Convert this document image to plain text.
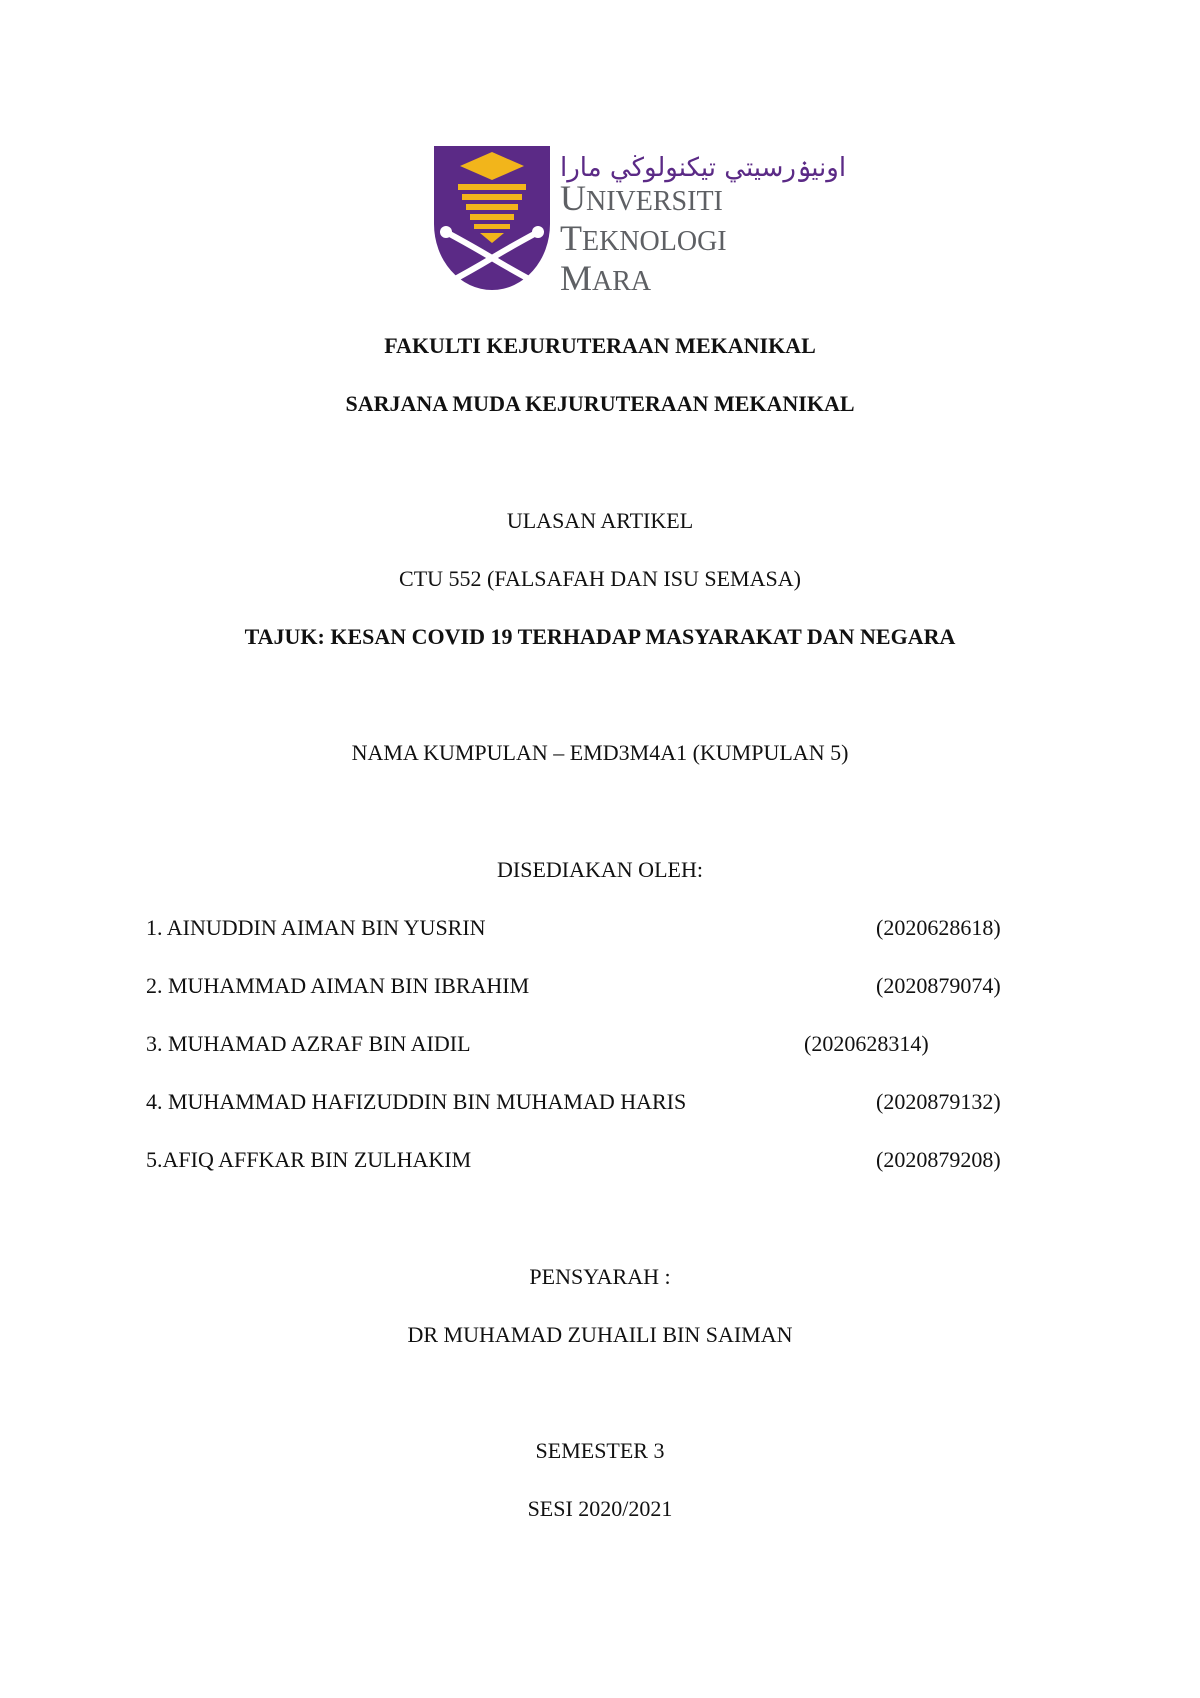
اونيۏرسيتي تيكنولوڬي مارا
UNIVERSITI
TEKNOLOGI
MARA
FAKULTI KEJURUTERAAN MEKANIKAL
SARJANA MUDA KEJURUTERAAN MEKANIKAL
ULASAN ARTIKEL
CTU 552 (FALSAFAH DAN ISU SEMASA)
TAJUK: KESAN COVID 19 TERHADAP MASYARAKAT DAN NEGARA
NAMA KUMPULAN – EMD3M4A1 (KUMPULAN 5)
DISEDIAKAN OLEH:
1. AINUDDIN AIMAN BIN YUSRIN	(2020628618)
2. MUHAMMAD AIMAN BIN IBRAHIM	(2020879074)
3. MUHAMAD AZRAF BIN AIDIL	(2020628314)
4. MUHAMMAD HAFIZUDDIN BIN MUHAMAD HARIS	(2020879132)
5.AFIQ AFFKAR BIN ZULHAKIM	(2020879208)
PENSYARAH :
DR MUHAMAD ZUHAILI BIN SAIMAN
SEMESTER 3
SESI 2020/2021
